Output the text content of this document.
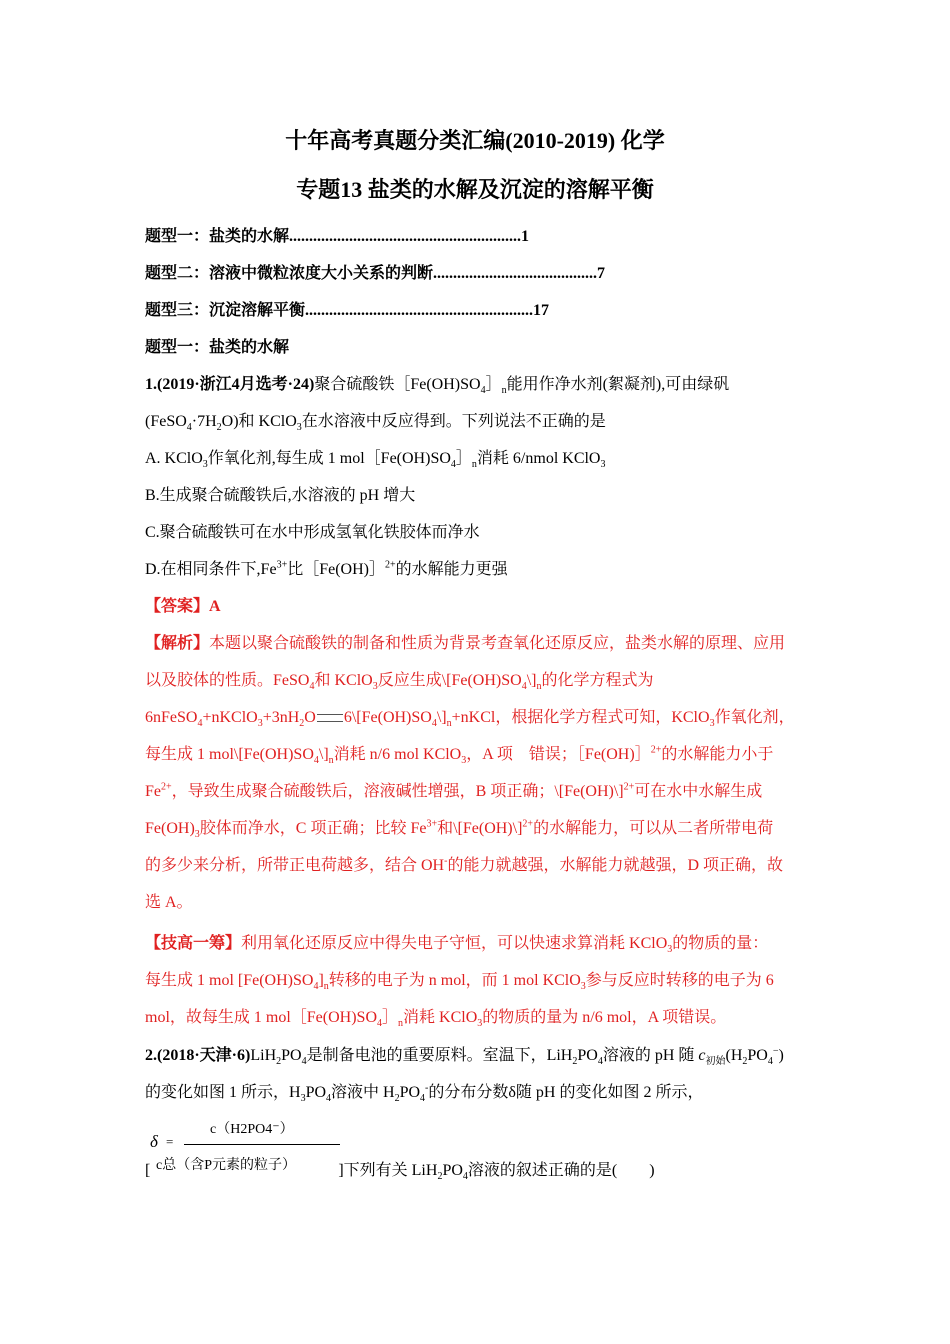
十年高考真题分类汇编(2010-2019) 化学
专题13 盐类的水解及沉淀的溶解平衡
题型一：盐类的水解..........................................................1
题型二：溶液中微粒浓度大小关系的判断.........................................7
题型三：沉淀溶解平衡.........................................................17
题型一：盐类的水解
1.(2019·浙江4月选考·24)聚合硫酸铁$[Fe(OH)SO_4]_n$能用作净水剂(絮凝剂),可由绿矾
$(FeSO_4\cdot 7H_2O)$和 KClO$_3$在水溶液中反应得到。下列说法不正确的是
A. KClO$_3$作氧化剂,每生成 1 $mol[Fe(OH)SO_4]_n$消耗 6/nmol KClO$_3$
B.生成聚合硫酸铁后,水溶液的 pH 增大
C.聚合硫酸铁可在水中形成氢氧化铁胶体而净水
D.在相同条件下$,Fe^{3+}$比［Fe(OH)］$^{2+}$的水解能力更强
【答案】A
【解析】本题以聚合硫酸铁的制备和性质为背景考查氧化还原反应，盐类水解的原理、应用
以及胶体的性质。FeSO$_4$和 KClO$_3$反应生成$\backslash[Fe(OH)SO_4\backslash]_n$的化学方程式为
$6nFeSO_4+nKClO_3+3nH_2O$ $6\backslash[Fe(OH)SO_4\backslash]_n+nKCl$，根据化学方程式可知，KClO$_3$作氧化剂，
每生成 1 $mol\backslash[Fe(OH)SO_4\backslash]_n$消耗 n/6 mol KClO$_3$，A 项　错误；［Fe(OH)］$^{2+}$的水解能力小于
$Fe^{2+}$，导致生成聚合硫酸铁后，溶液碱性增强，B 项正确；\[Fe(OH)\]$^{2+}$可在水中水解生成
$Fe(OH)_3$胶体而净水，C 项正确；比较 $Fe^{3+}$和\[Fe(OH)\]$^{2+}$的水解能力，可以从二者所带电荷
的多少来分析，所带正电荷越多，结合 OH-的能力就越强，水解能力就越强，D 项正确，故
选 A。
【技高一筹】利用氧化还原反应中得失电子守恒，可以快速求算消耗 KClO$_3$的物质的量：
每生成 1 mol $[Fe(OH)SO_4]_n$转移的电子为 n mol，而 1 mol KClO$_3$参与反应时转移的电子为 6
mol，故每生成 1 $mol[Fe(OH)SO_4]_n$消耗 KClO$_3$的物质的量为 n/6 mol，A 项错误。
2.(2018·天津$\cdot 6)LiH_2PO_4$是制备电池的重要原料。室温下，$LiH_2PO_4$溶液的 pH 随 $c_{初始}(H_2PO_4^-)$
的变化如图 1 所示，$H_3PO_4$溶液中 $H_2PO_4^-$的分布分数δ随 pH 的变化如图 2 所示，
δ =
c（H2PO4⁻）
c总（含P元素的粒子）
[	]下列有关 $LiH_2PO_4$溶液的叙述正确的是(　　)
